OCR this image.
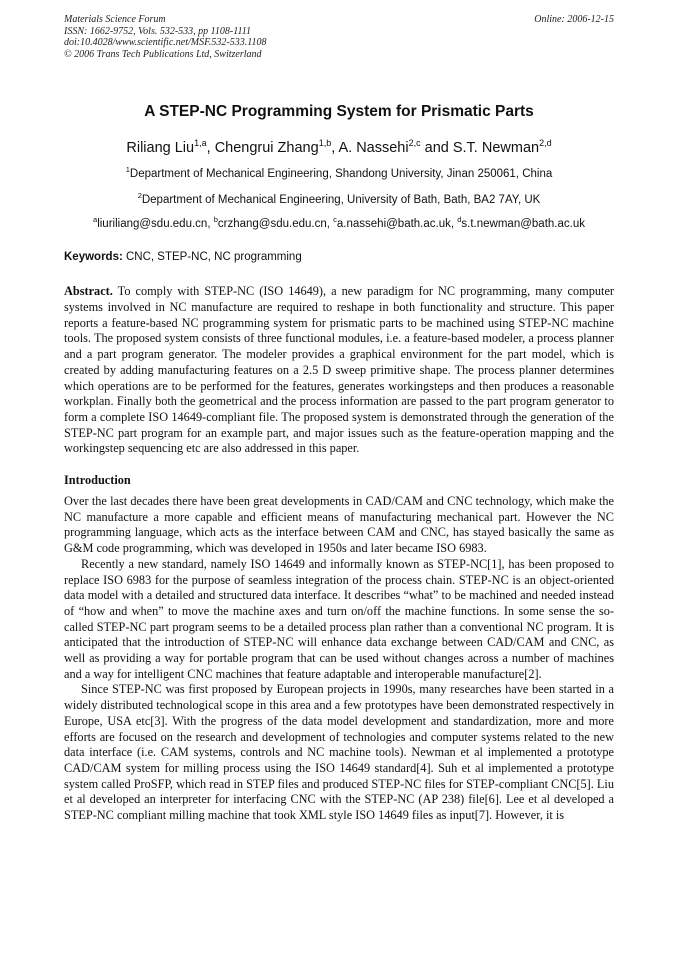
Materials Science Forum
ISSN: 1662-9752, Vols. 532-533, pp 1108-1111
doi:10.4028/www.scientific.net/MSF.532-533.1108
© 2006 Trans Tech Publications Ltd, Switzerland
Online: 2006-12-15
A STEP-NC Programming System for Prismatic Parts
Riliang Liu$^{1,a}$, Chengrui Zhang$^{1,b}$, A. Nassehi$^{2,c}$ and S.T. Newman$^{2,d}$
$^1$Department of Mechanical Engineering, Shandong University, Jinan 250061, China
$^2$Department of Mechanical Engineering, University of Bath, Bath, BA2 7AY, UK
$^a$liuriliang@sdu.edu.cn, $^b$crzhang@sdu.edu.cn, $^c$a.nassehi@bath.ac.uk, $^d$s.t.newman@bath.ac.uk
Keywords: CNC, STEP-NC, NC programming

Abstract. To comply with STEP-NC (ISO 14649), a new paradigm for NC programming, many computer systems involved in NC manufacture are required to reshape in both functionality and structure. This paper reports a feature-based NC programming system for prismatic parts to be machined using STEP-NC machine tools. The proposed system consists of three functional modules, i.e. a feature-based modeler, a process planner and a part program generator. The modeler provides a graphical environment for the part model, which is created by adding manufacturing features on a 2.5 D sweep primitive shape. The process planner determines which operations are to be performed for the features, generates workingsteps and then produces a reasonable workplan. Finally both the geometrical and the process information are passed to the part program generator to form a complete ISO 14649-compliant file. The proposed system is demonstrated through the generation of the STEP-NC part program for an example part, and major issues such as the feature-operation mapping and the workingstep sequencing etc are also addressed in this paper.

Introduction

Over the last decades there have been great developments in CAD/CAM and CNC technology, which make the NC manufacture a more capable and efficient means of manufacturing mechanical part. However the NC programming language, which acts as the interface between CAM and CNC, has stayed basically the same as G&M code programming, which was developed in 1950s and later became ISO 6983.

Recently a new standard, namely ISO 14649 and informally known as STEP-NC[1], has been proposed to replace ISO 6983 for the purpose of seamless integration of the process chain. STEP-NC is an object-oriented data model with a detailed and structured data interface. It describes “what” to be machined and needed instead of “how and when” to move the machine axes and turn on/off the machine functions. In some sense the so-called STEP-NC part program seems to be a detailed process plan rather than a conventional NC program. It is anticipated that the introduction of STEP-NC will enhance data exchange between CAD/CAM and CNC, as well as providing a way for portable program that can be used without changes across a number of machines and a way for intelligent CNC machines that feature adaptable and interoperable manufacture[2].

Since STEP-NC was first proposed by European projects in 1990s, many researches have been started in a widely distributed technological scope in this area and a few prototypes have been demonstrated respectively in Europe, USA etc[3]. With the progress of the data model development and standardization, more and more efforts are focused on the research and development of technologies and computer systems related to the new data interface (i.e. CAM systems, controls and NC machine tools). Newman et al implemented a prototype CAD/CAM system for milling process using the ISO 14649 standard[4]. Suh et al implemented a prototype system called ProSFP, which read in STEP files and produced STEP-NC files for STEP-compliant CNC[5]. Liu et al developed an interpreter for interfacing CNC with the STEP-NC (AP 238) file[6]. Lee et al developed a STEP-NC compliant milling machine that took XML style ISO 14649 files as input[7]. However, it is
